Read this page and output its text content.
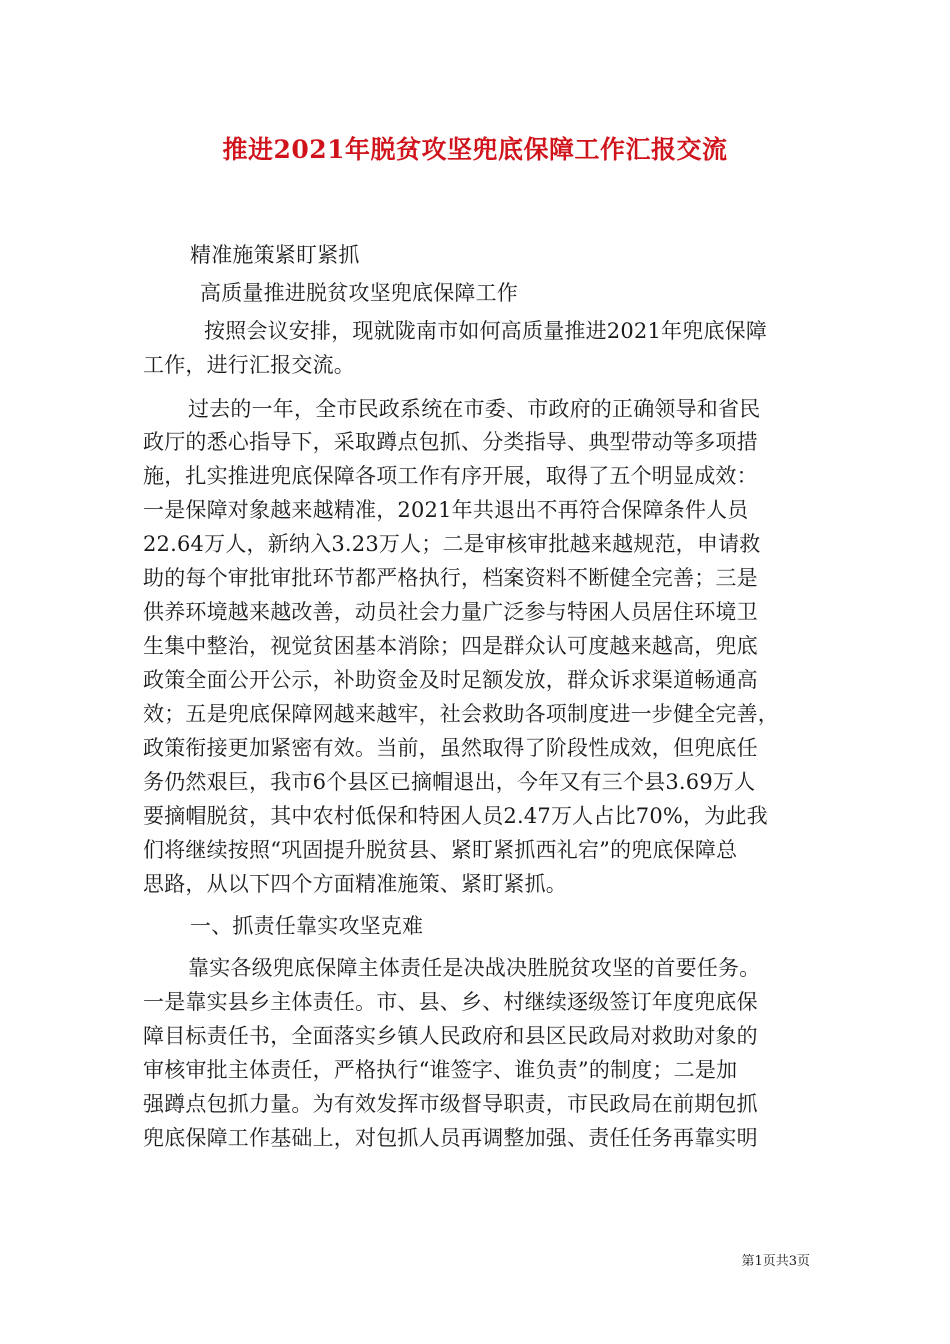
推进2021年脱贫攻坚兜底保障工作汇报交流
精准施策紧盯紧抓
高质量推进脱贫攻坚兜底保障工作
按照会议安排，现就陇南市如何高质量推进2021年兜底保障
工作，进行汇报交流。
过去的一年，全市民政系统在市委、市政府的正确领导和省民
政厅的悉心指导下，采取蹲点包抓、分类指导、典型带动等多项措
施，扎实推进兜底保障各项工作有序开展，取得了五个明显成效：
一是保障对象越来越精准，2021年共退出不再符合保障条件人员
22.64万人，新纳入3.23万人；二是审核审批越来越规范，申请救
助的每个审批审批环节都严格执行，档案资料不断健全完善；三是
供养环境越来越改善，动员社会力量广泛参与特困人员居住环境卫
生集中整治，视觉贫困基本消除；四是群众认可度越来越高，兜底
政策全面公开公示，补助资金及时足额发放，群众诉求渠道畅通高
效；五是兜底保障网越来越牢，社会救助各项制度进一步健全完善，
政策衔接更加紧密有效。当前，虽然取得了阶段性成效，但兜底任
务仍然艰巨，我市6个县区已摘帽退出，今年又有三个县3.69万人
要摘帽脱贫，其中农村低保和特困人员2.47万人占比70%，为此我
们将继续按照“巩固提升脱贫县、紧盯紧抓西礼宕”的兜底保障总
思路，从以下四个方面精准施策、紧盯紧抓。
一、抓责任靠实攻坚克难
靠实各级兜底保障主体责任是决战决胜脱贫攻坚的首要任务。
一是靠实县乡主体责任。市、县、乡、村继续逐级签订年度兜底保
障目标责任书，全面落实乡镇人民政府和县区民政局对救助对象的
审核审批主体责任，严格执行“谁签字、谁负责”的制度；二是加
强蹲点包抓力量。为有效发挥市级督导职责，市民政局在前期包抓
兜底保障工作基础上，对包抓人员再调整加强、责任任务再靠实明
第1页共3页
